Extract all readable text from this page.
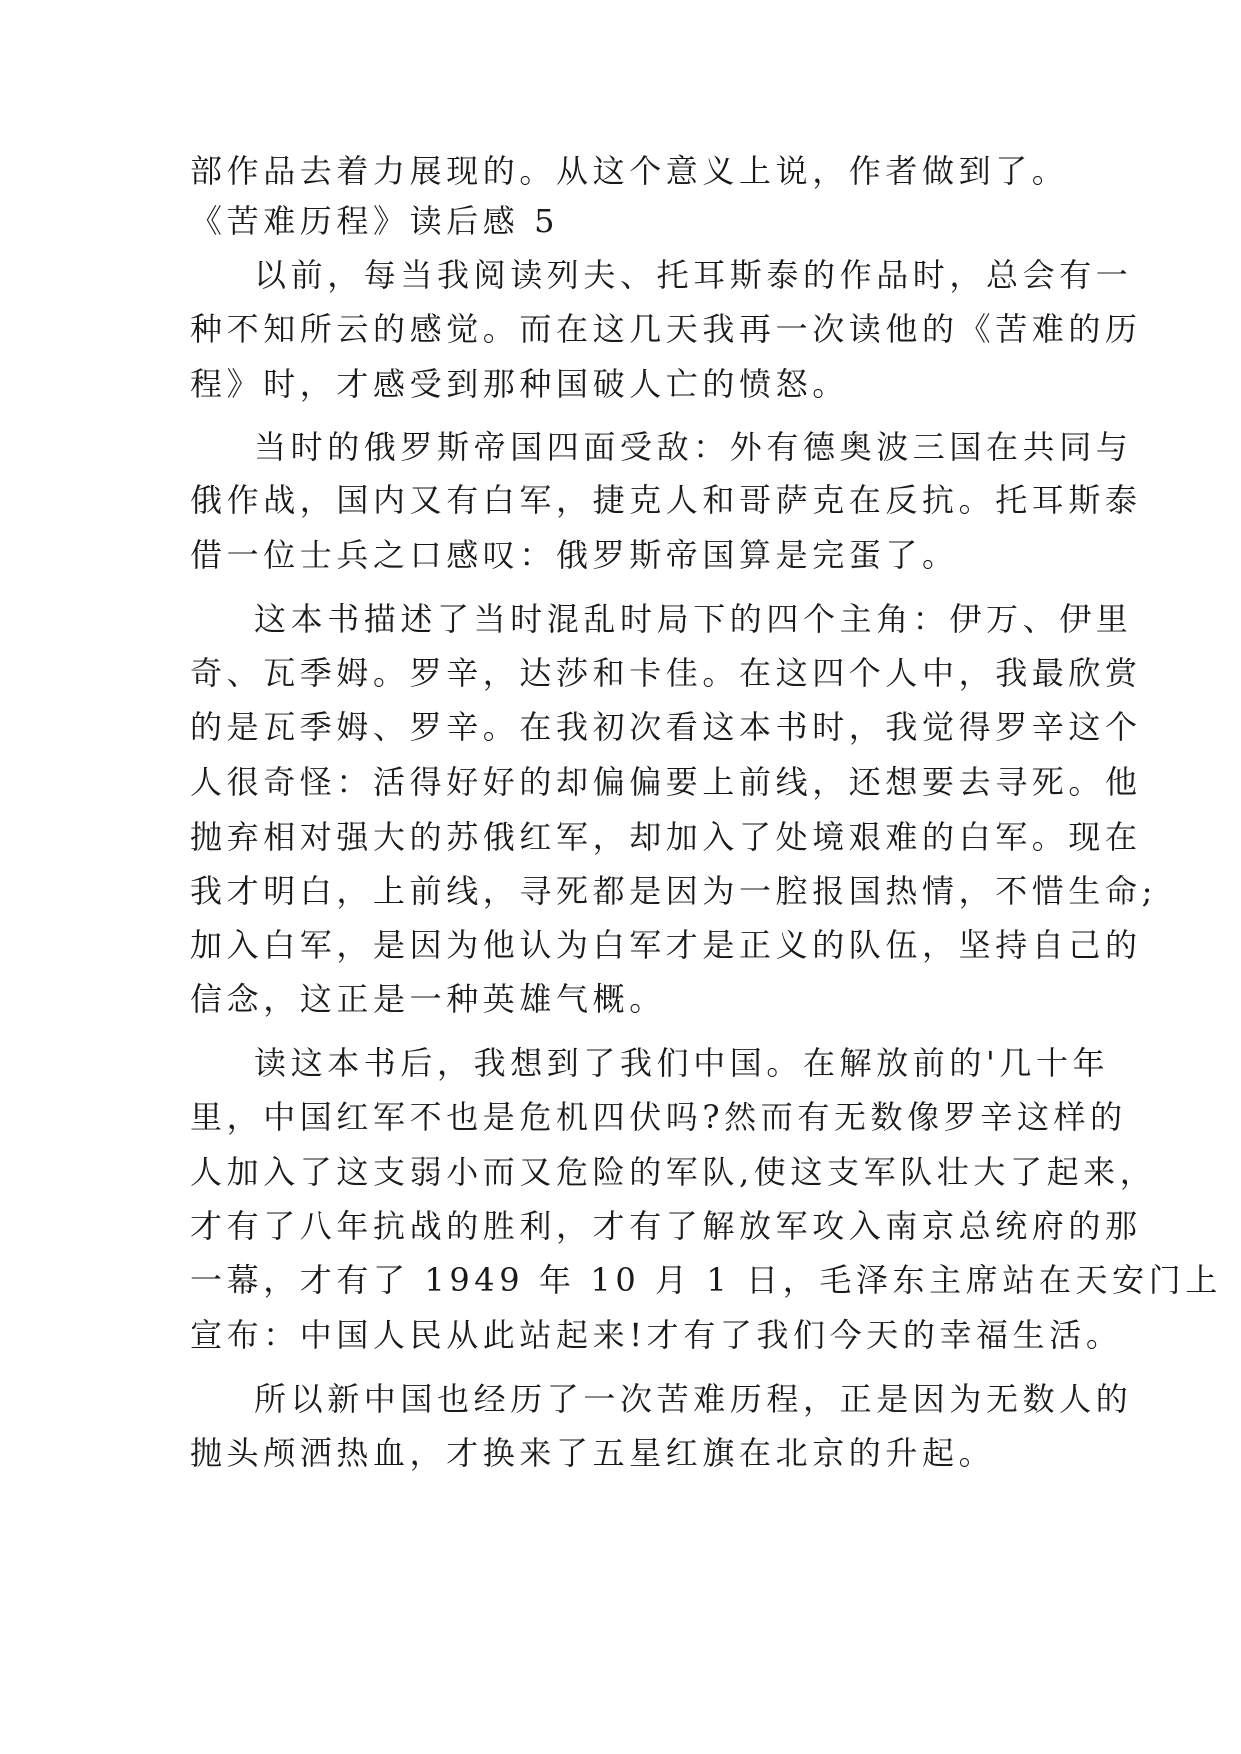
部作品去着力展现的。从这个意义上说，作者做到了。
《苦难历程》读后感 5
以前，每当我阅读列夫、托耳斯泰的作品时，总会有一
种不知所云的感觉。而在这几天我再一次读他的《苦难的历
程》时，才感受到那种国破人亡的愤怒。
当时的俄罗斯帝国四面受敌：外有德奥波三国在共同与
俄作战，国内又有白军，捷克人和哥萨克在反抗。托耳斯泰
借一位士兵之口感叹：俄罗斯帝国算是完蛋了。
这本书描述了当时混乱时局下的四个主角：伊万、伊里
奇、瓦季姆。罗辛，达莎和卡佳。在这四个人中，我最欣赏
的是瓦季姆、罗辛。在我初次看这本书时，我觉得罗辛这个
人很奇怪：活得好好的却偏偏要上前线，还想要去寻死。他
抛弃相对强大的苏俄红军，却加入了处境艰难的白军。现在
我才明白，上前线，寻死都是因为一腔报国热情，不惜生命;
加入白军，是因为他认为白军才是正义的队伍，坚持自己的
信念，这正是一种英雄气概。
读这本书后，我想到了我们中国。在解放前的'几十年
里，中国红军不也是危机四伏吗?然而有无数像罗辛这样的
人加入了这支弱小而又危险的军队,使这支军队壮大了起来，
才有了八年抗战的胜利，才有了解放军攻入南京总统府的那
一幕，才有了 1949 年 10 月 1 日，毛泽东主席站在天安门上
宣布：中国人民从此站起来!才有了我们今天的幸福生活。
所以新中国也经历了一次苦难历程，正是因为无数人的
抛头颅洒热血，才换来了五星红旗在北京的升起。
